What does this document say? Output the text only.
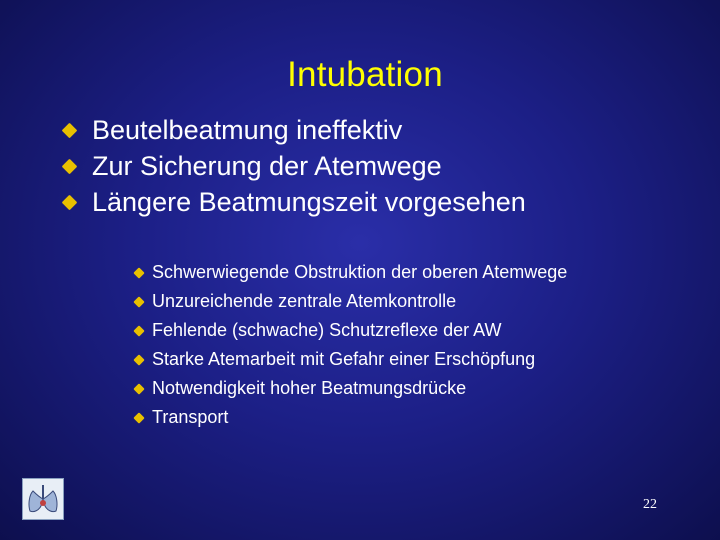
Intubation
Beutelbeatmung ineffektiv
Zur Sicherung der Atemwege
Längere Beatmungszeit vorgesehen
Schwerwiegende Obstruktion der oberen Atemwege
Unzureichende zentrale Atemkontrolle
Fehlende (schwache) Schutzreflexe der AW
Starke Atemarbeit mit Gefahr einer Erschöpfung
Notwendigkeit hoher Beatmungsdrücke
Transport
22
